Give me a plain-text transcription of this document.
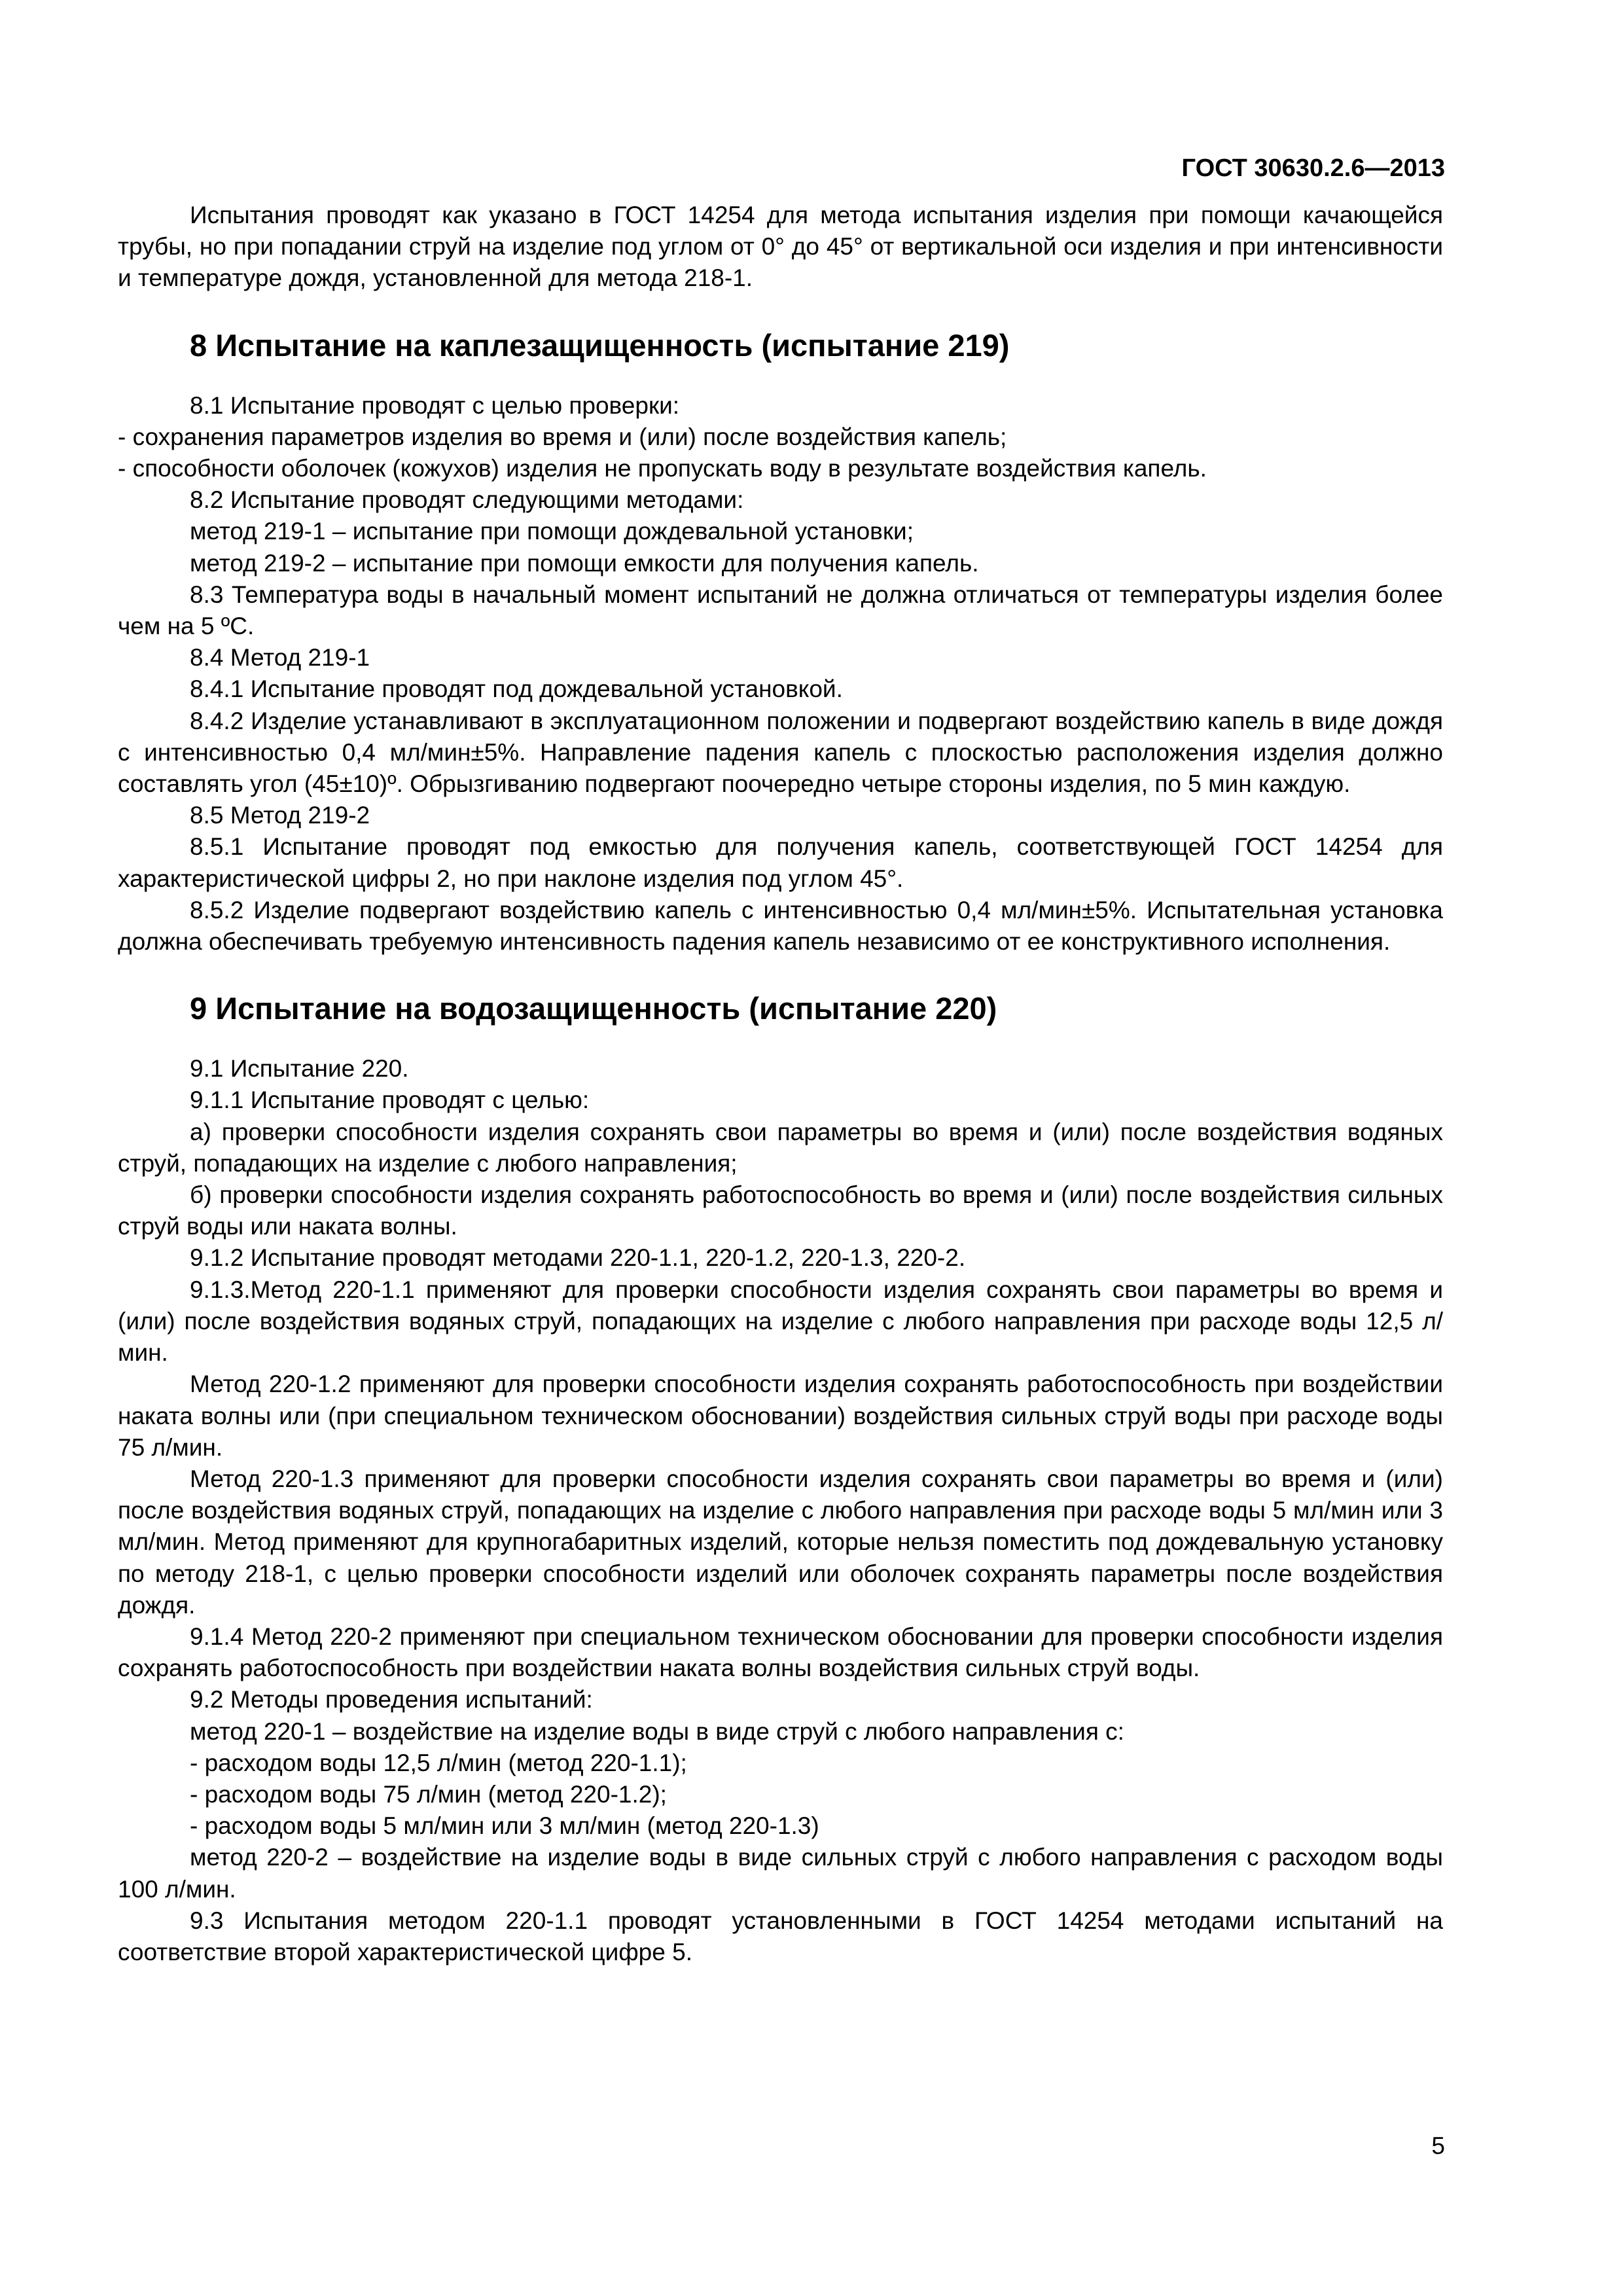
ГОСТ 30630.2.6—2013

Испытания проводят как указано в ГОСТ 14254 для метода испытания изделия при помощи качающейся трубы, но при попадании струй на изделие под углом от 0° до 45° от вертикальной оси изделия и при интенсивности и температуре дождя, установленной для метода 218-1.

8 Испытание на каплезащищенность (испытание 219)

8.1 Испытание проводят с целью проверки:

- сохранения параметров изделия во время и (или) после воздействия капель;

- способности оболочек (кожухов) изделия не пропускать воду в результате воздействия капель.

8.2 Испытание проводят следующими методами:

метод 219-1 – испытание при помощи дождевальной установки;

метод 219-2 – испытание при помощи емкости для получения капель.

8.3 Температура воды в начальный момент испытаний не должна отличаться от температуры изделия более чем на 5 ºС.

8.4 Метод 219-1

8.4.1 Испытание проводят под дождевальной установкой.

8.4.2 Изделие устанавливают в эксплуатационном положении и подвергают воздействию капель в виде дождя с интенсивностью 0,4 мл/мин±5%. Направление падения капель с плоскостью расположения изделия должно составлять угол (45±10)º. Обрызгиванию подвергают поочередно четыре стороны изделия, по 5 мин каждую.

8.5 Метод 219-2

8.5.1 Испытание проводят под емкостью для получения капель, соответствующей ГОСТ 14254 для характеристической цифры 2, но при наклоне изделия под углом 45°.

8.5.2 Изделие подвергают воздействию капель с интенсивностью 0,4 мл/мин±5%. Испытательная установка должна обеспечивать требуемую интенсивность падения капель независимо от ее конструктивного исполнения.

9 Испытание на водозащищенность (испытание 220)

9.1 Испытание 220.

9.1.1 Испытание проводят с целью:

а) проверки способности изделия сохранять свои параметры во время и (или) после воздействия водяных струй, попадающих на изделие с любого направления;

б) проверки способности изделия сохранять работоспособность во время и (или) после воздействия сильных струй воды или наката волны.

9.1.2 Испытание проводят методами 220-1.1, 220-1.2, 220-1.3, 220-2.

9.1.3.Метод 220-1.1 применяют для проверки способности изделия сохранять свои параметры во время и (или) после воздействия водяных струй, попадающих на изделие с любого направления при расходе воды 12,5 л/мин.

Метод 220-1.2 применяют для проверки способности изделия сохранять работоспособность при воздействии наката волны или (при специальном техническом обосновании) воздействия сильных струй воды при расходе воды 75 л/мин.

Метод 220-1.3 применяют для проверки способности изделия сохранять свои параметры во время и (или) после воздействия водяных струй, попадающих на изделие с любого направления при расходе воды 5 мл/мин или 3 мл/мин. Метод применяют для крупногабаритных изделий, которые нельзя поместить под дождевальную установку по методу 218-1, с целью проверки способности изделий или оболочек сохранять параметры после воздействия дождя.

9.1.4 Метод 220-2 применяют при специальном техническом обосновании для проверки способности изделия сохранять работоспособность при воздействии наката волны воздействия сильных струй воды.

9.2 Методы проведения испытаний:

метод 220-1 – воздействие на изделие воды в виде струй с любого направления с:

- расходом воды 12,5 л/мин (метод 220-1.1);

- расходом воды 75 л/мин (метод 220-1.2);

- расходом воды 5 мл/мин или 3 мл/мин (метод 220-1.3)

метод 220-2 – воздействие на изделие воды в виде сильных струй с любого направления с расходом воды 100 л/мин.

9.3 Испытания методом 220-1.1 проводят установленными в ГОСТ 14254 методами испытаний на соответствие второй характеристической цифре 5.

5
